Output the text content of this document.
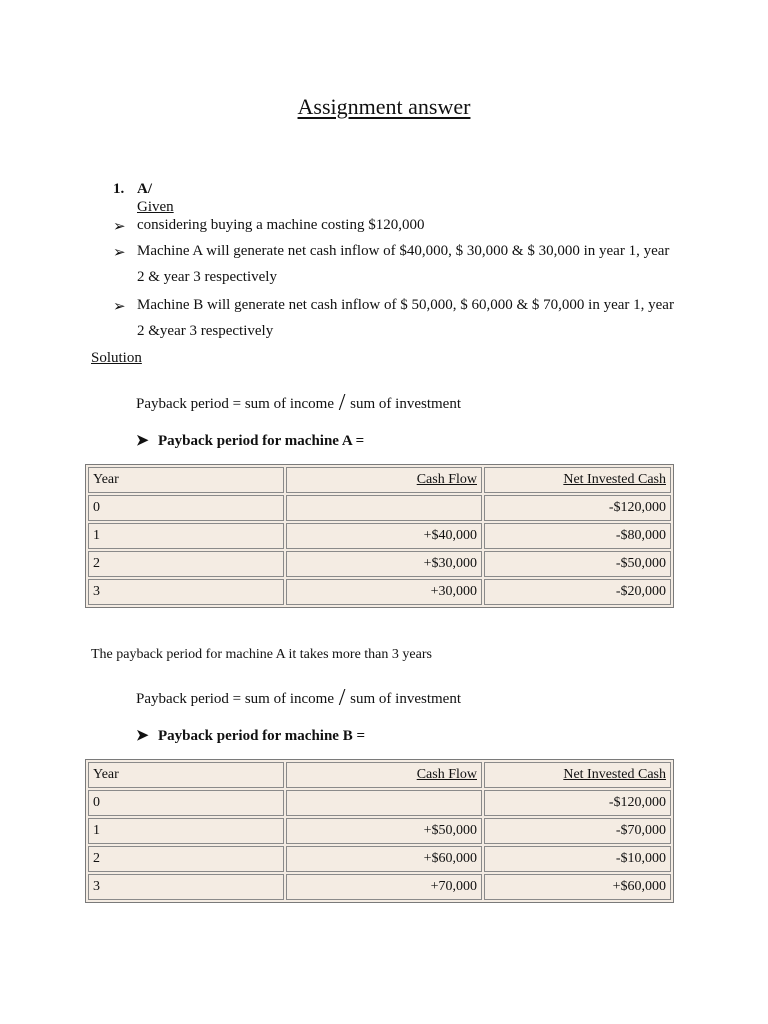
Assignment answer
1. A/
Given
➢ considering buying a machine costing $120,000
➢ Machine A will generate net cash inflow of $40,000, $ 30,000 & $ 30,000 in year 1, year
2 & year 3 respectively
➢ Machine B will generate net cash inflow of $ 50,000, $ 60,000 & $ 70,000 in year 1, year
2 &year 3 respectively
Solution
Payback period = sum of income / sum of investment
➤ Payback period for machine A =
Year	Cash Flow	Net Invested Cash
0		-$120,000
1	+$40,000	-$80,000
2	+$30,000	-$50,000
3	+30,000	-$20,000
The payback period for machine A it takes more than 3 years
Payback period = sum of income / sum of investment
➤ Payback period for machine B =
Year	Cash Flow	Net Invested Cash
0		-$120,000
1	+$50,000	-$70,000
2	+$60,000	-$10,000
3	+70,000	+$60,000
